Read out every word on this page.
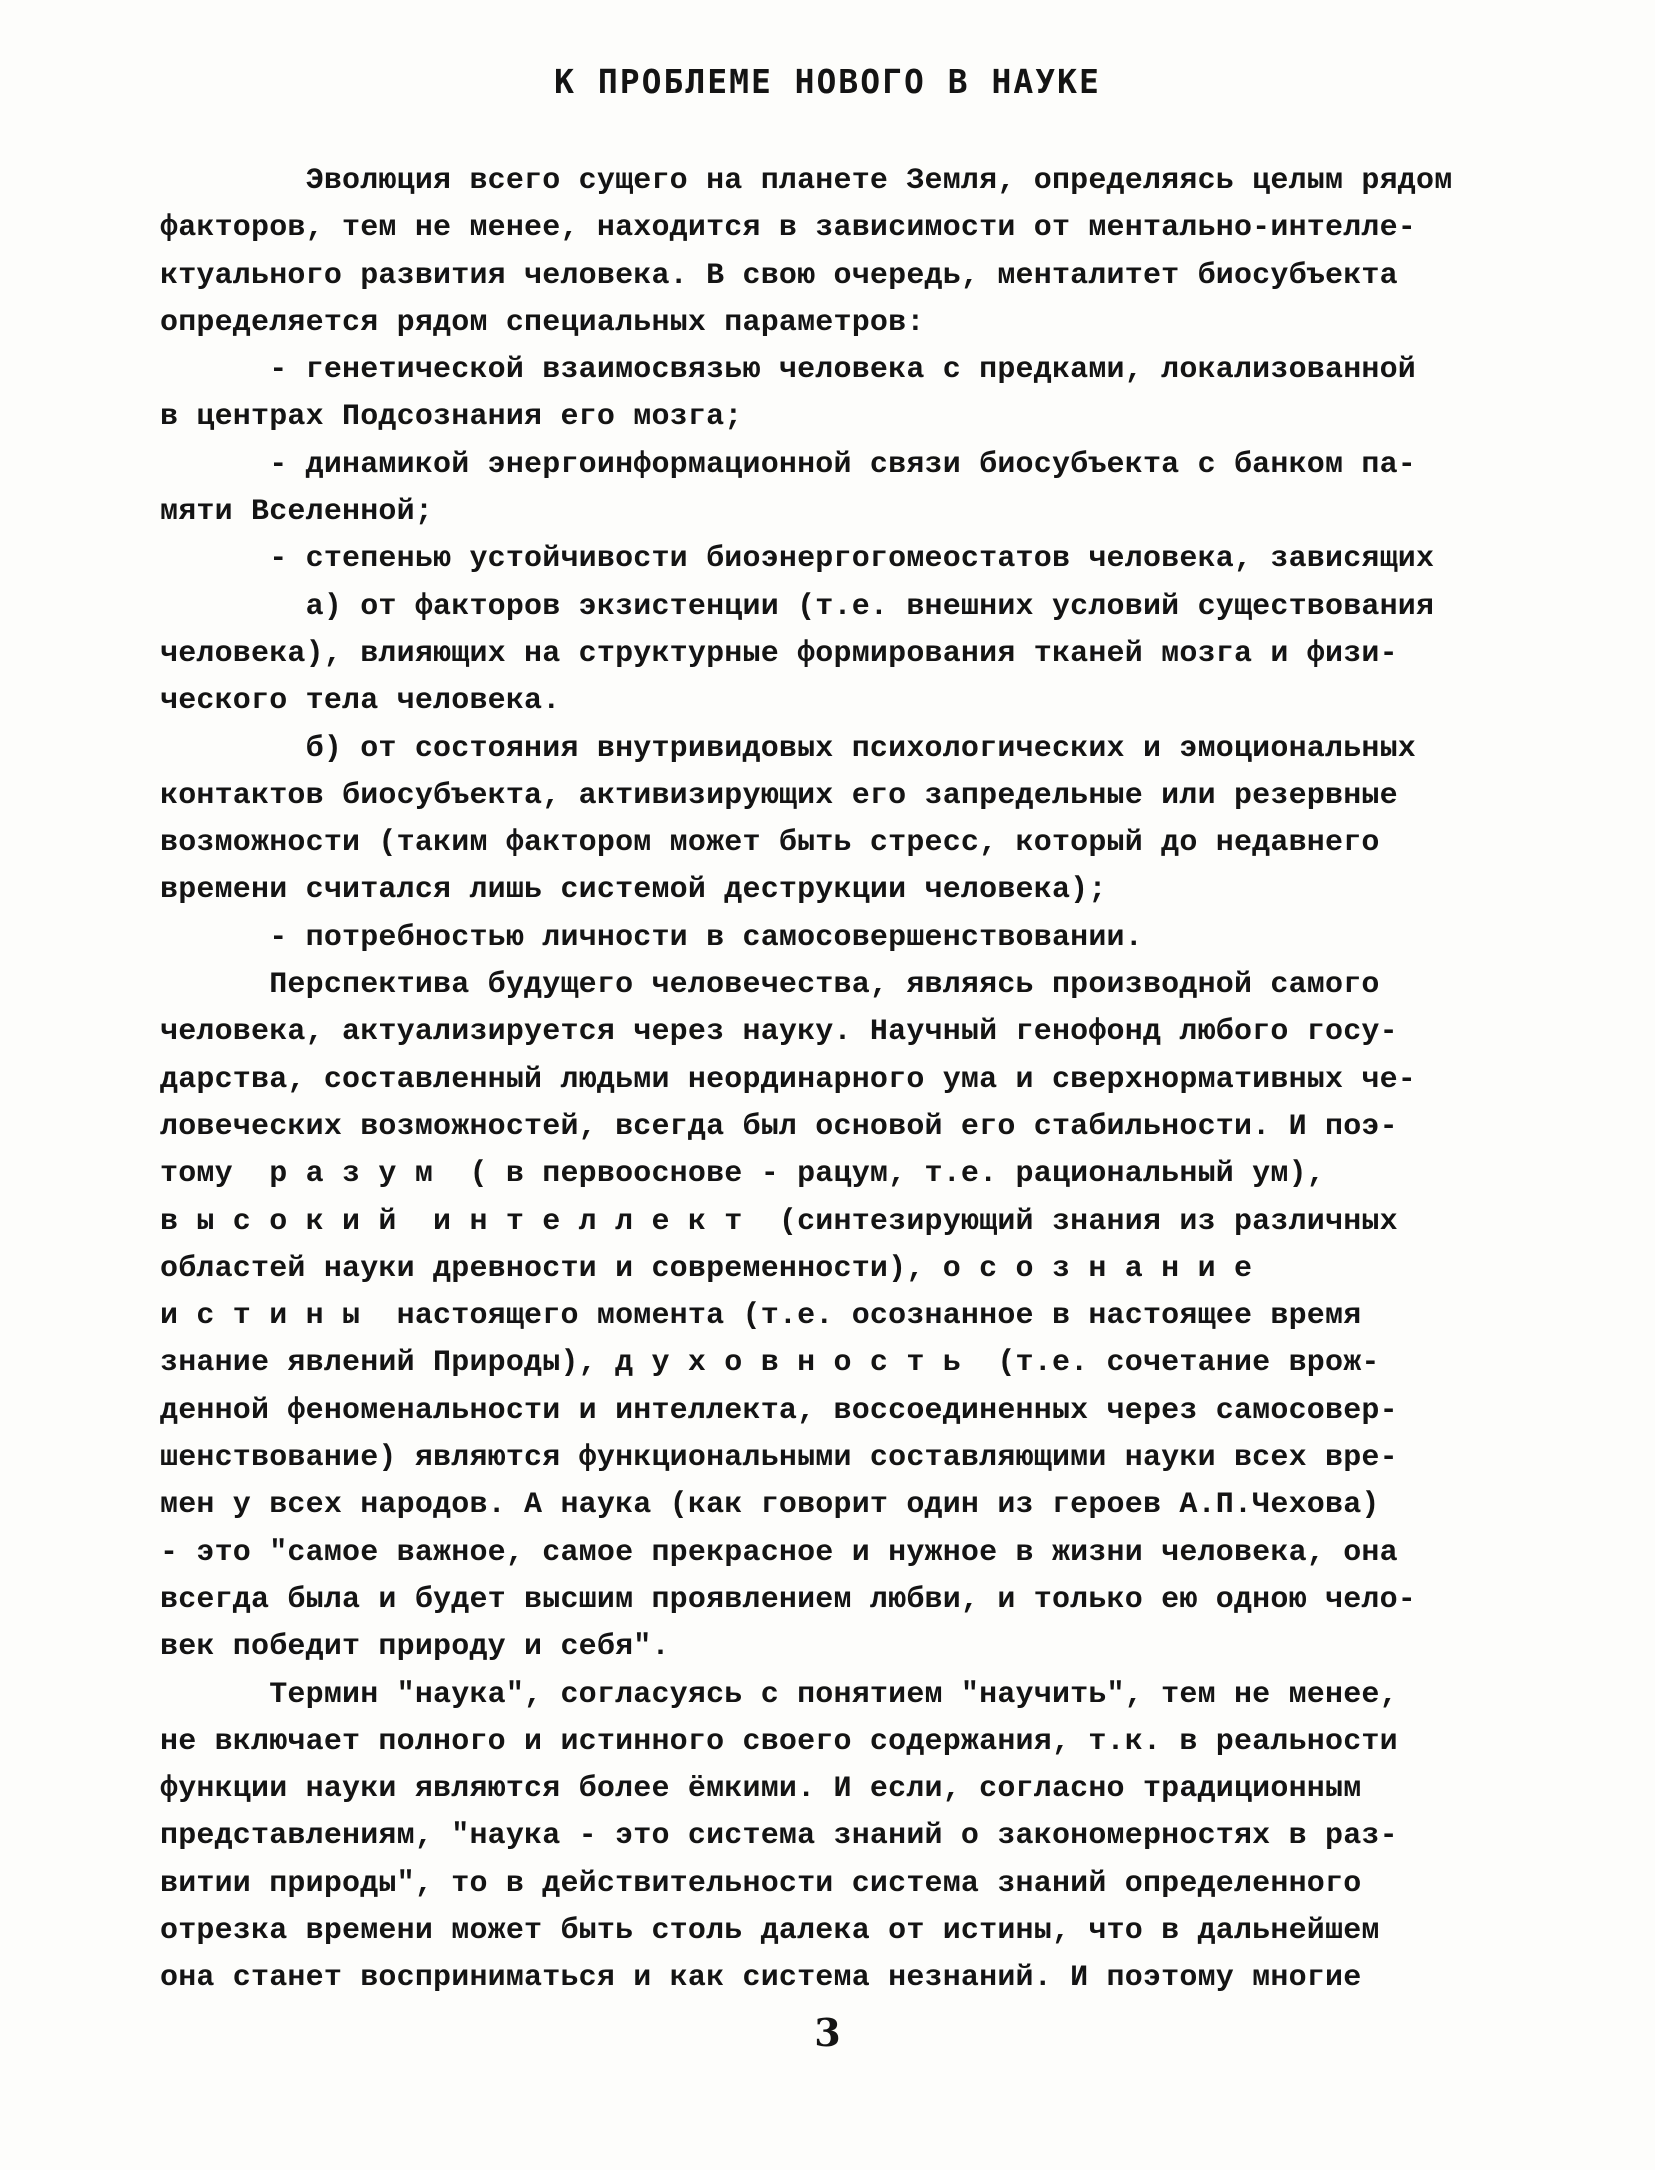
К ПРОБЛЕМЕ НОВОГО В НАУКЕ
Эволюция всего сущего на планете Земля, определяясь целым рядом
факторов, тем не менее, находится в зависимости от ментально-интелле-
ктуального развития человека. В свою очередь, менталитет биосубъекта
определяется рядом специальных параметров:
- генетической взаимосвязью человека с предками, локализованной
в центрах Подсознания его мозга;
- динамикой энергоинформационной связи биосубъекта с банком па-
мяти Вселенной;
- степенью устойчивости биоэнергогомеостатов человека, зависящих
а) от факторов экзистенции (т.е. внешних условий существования
человека), влияющих на структурные формирования тканей мозга и физи-
ческого тела человека.
б) от состояния внутривидовых психологических и эмоциональных
контактов биосубъекта, активизирующих его запредельные или резервные
возможности (таким фактором может быть стресс, который до недавнего
времени считался лишь системой деструкции человека);
- потребностью личности в самосовершенствовании.
Перспектива будущего человечества, являясь производной самого
человека, актуализируется через науку. Научный генофонд любого госу-
дарства, составленный людьми неординарного ума и сверхнормативных че-
ловеческих возможностей, всегда был основой его стабильности. И поэ-
тому  р а з у м  ( в первооснове - рацум, т.е. рациональный ум),
в ы с о к и й  и н т е л л е к т  (синтезирующий знания из различных
областей науки древности и современности), о с о з н а н и е
и с т и н ы  настоящего момента (т.е. осознанное в настоящее время
знание явлений Природы), д у х о в н о с т ь  (т.е. сочетание врож-
денной феноменальности и интеллекта, воссоединенных через самосовер-
шенствование) являются функциональными составляющими науки всех вре-
мен у всех народов. А наука (как говорит один из героев А.П.Чехова)
- это "самое важное, самое прекрасное и нужное в жизни человека, она
всегда была и будет высшим проявлением любви, и только ею одною чело-
век победит природу и себя".
Термин "наука", согласуясь с понятием "научить", тем не менее,
не включает полного и истинного своего содержания, т.к. в реальности
функции науки являются более ёмкими. И если, согласно традиционным
представлениям, "наука - это система знаний о закономерностях в раз-
витии природы", то в действительности система знаний определенного
отрезка времени может быть столь далека от истины, что в дальнейшем
она станет восприниматься и как система незнаний. И поэтому многие
3
